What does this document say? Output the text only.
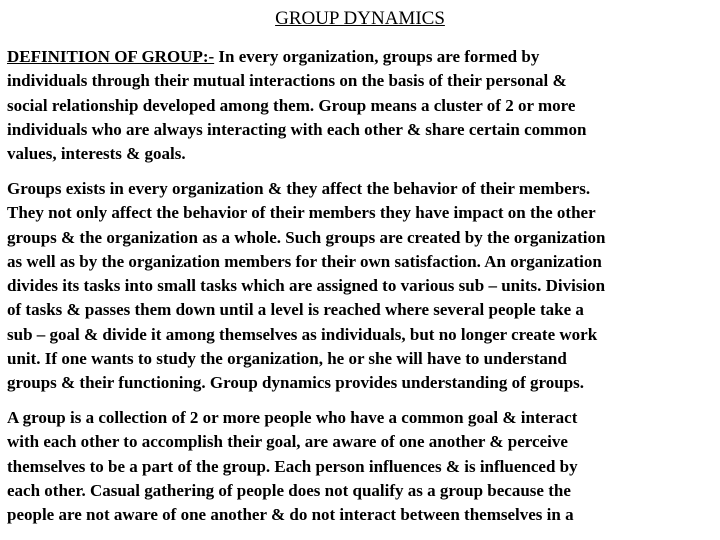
GROUP DYNAMICS
DEFINITION OF GROUP:- In every organization, groups are formed by
individuals through their mutual interactions on the basis of their personal &
social relationship developed among them. Group means a cluster of 2 or more
individuals who are always interacting with each other & share certain common
values, interests & goals.
Groups exists in every organization & they affect the behavior of their members.
They not only affect the behavior of their members they have impact on the other
groups & the organization as a whole. Such groups are created by the organization
as well as by the organization members for their own satisfaction. An organization
divides its tasks into small tasks which are assigned to various sub – units. Division
of tasks & passes them down until a level is reached where several people take a
sub – goal & divide it among themselves as individuals, but no longer create work
unit. If one wants to study the organization, he or she will have to understand
groups & their functioning. Group dynamics provides understanding of groups.
A group is a collection of 2 or more people who have a common goal & interact
with each other to accomplish their goal, are aware of one another & perceive
themselves to be a part of the group. Each person influences & is influenced by
each other. Casual gathering of people does not qualify as a group because the
people are not aware of one another & do not interact between themselves in a
